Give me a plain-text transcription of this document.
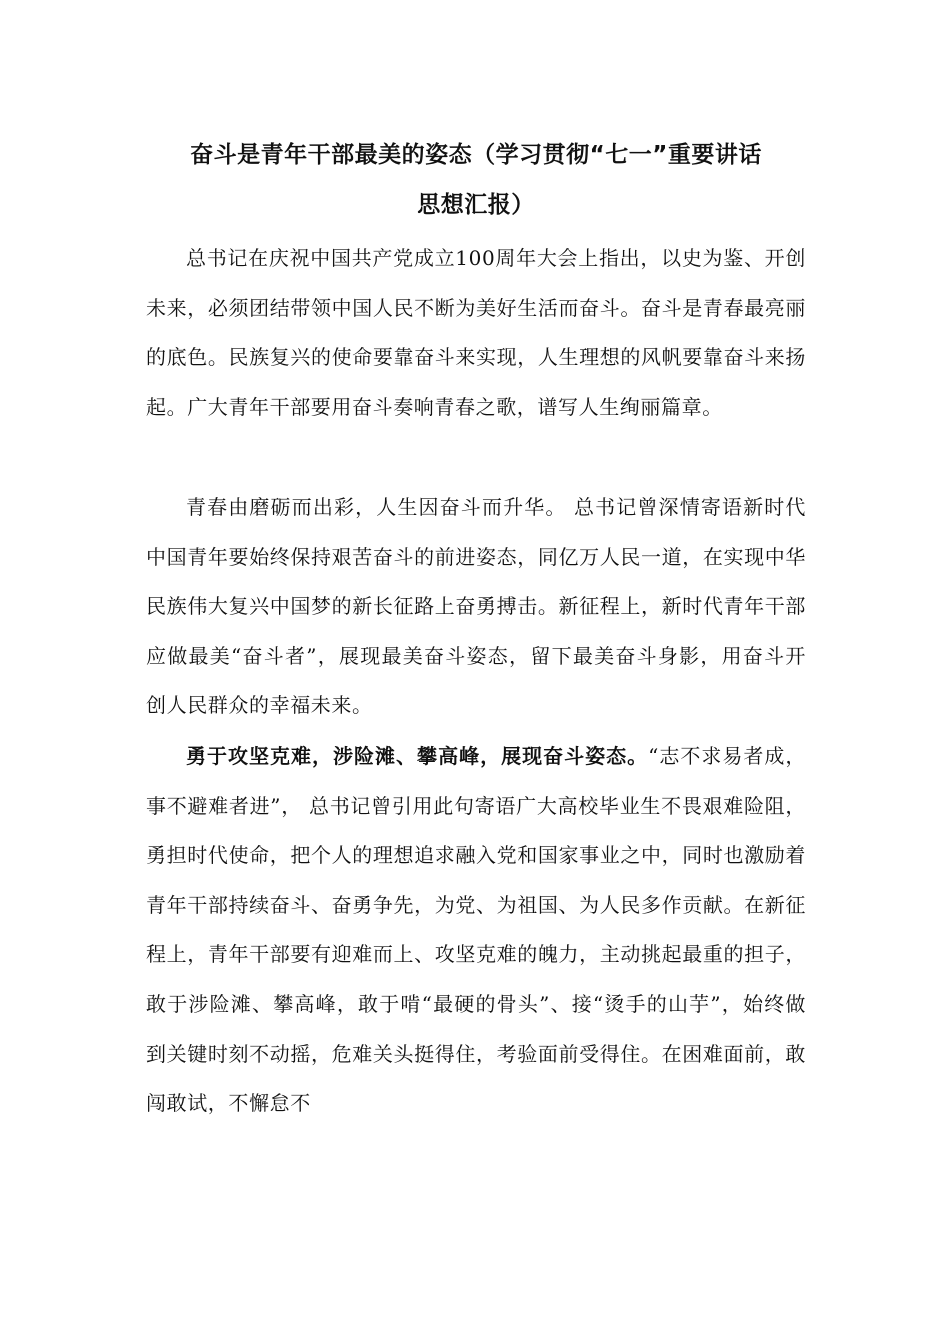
奋斗是青年干部最美的姿态（学习贯彻“七一”重要讲话
思想汇报）

总书记在庆祝中国共产党成立100周年大会上指出，以史为鉴、开创未来，必须团结带领中国人民不断为美好生活而奋斗。奋斗是青春最亮丽的底色。民族复兴的使命要靠奋斗来实现，人生理想的风帆要靠奋斗来扬起。广大青年干部要用奋斗奏响青春之歌，谱写人生绚丽篇章。

青春由磨砺而出彩，人生因奋斗而升华。 总书记曾深情寄语新时代中国青年要始终保持艰苦奋斗的前进姿态，同亿万人民一道，在实现中华民族伟大复兴中国梦的新长征路上奋勇搏击。新征程上，新时代青年干部应做最美“奋斗者”，展现最美奋斗姿态，留下最美奋斗身影，用奋斗开创人民群众的幸福未来。

勇于攻坚克难，涉险滩、攀高峰，展现奋斗姿态。“志不求易者成，事不避难者进”， 总书记曾引用此句寄语广大高校毕业生不畏艰难险阻，勇担时代使命，把个人的理想追求融入党和国家事业之中，同时也激励着青年干部持续奋斗、奋勇争先，为党、为祖国、为人民多作贡献。在新征程上，青年干部要有迎难而上、攻坚克难的魄力，主动挑起最重的担子，敢于涉险滩、攀高峰，敢于啃“最硬的骨头”、接“烫手的山芋”，始终做到关键时刻不动摇，危难关头挺得住，考验面前受得住。在困难面前，敢闯敢试，不懈怠不
